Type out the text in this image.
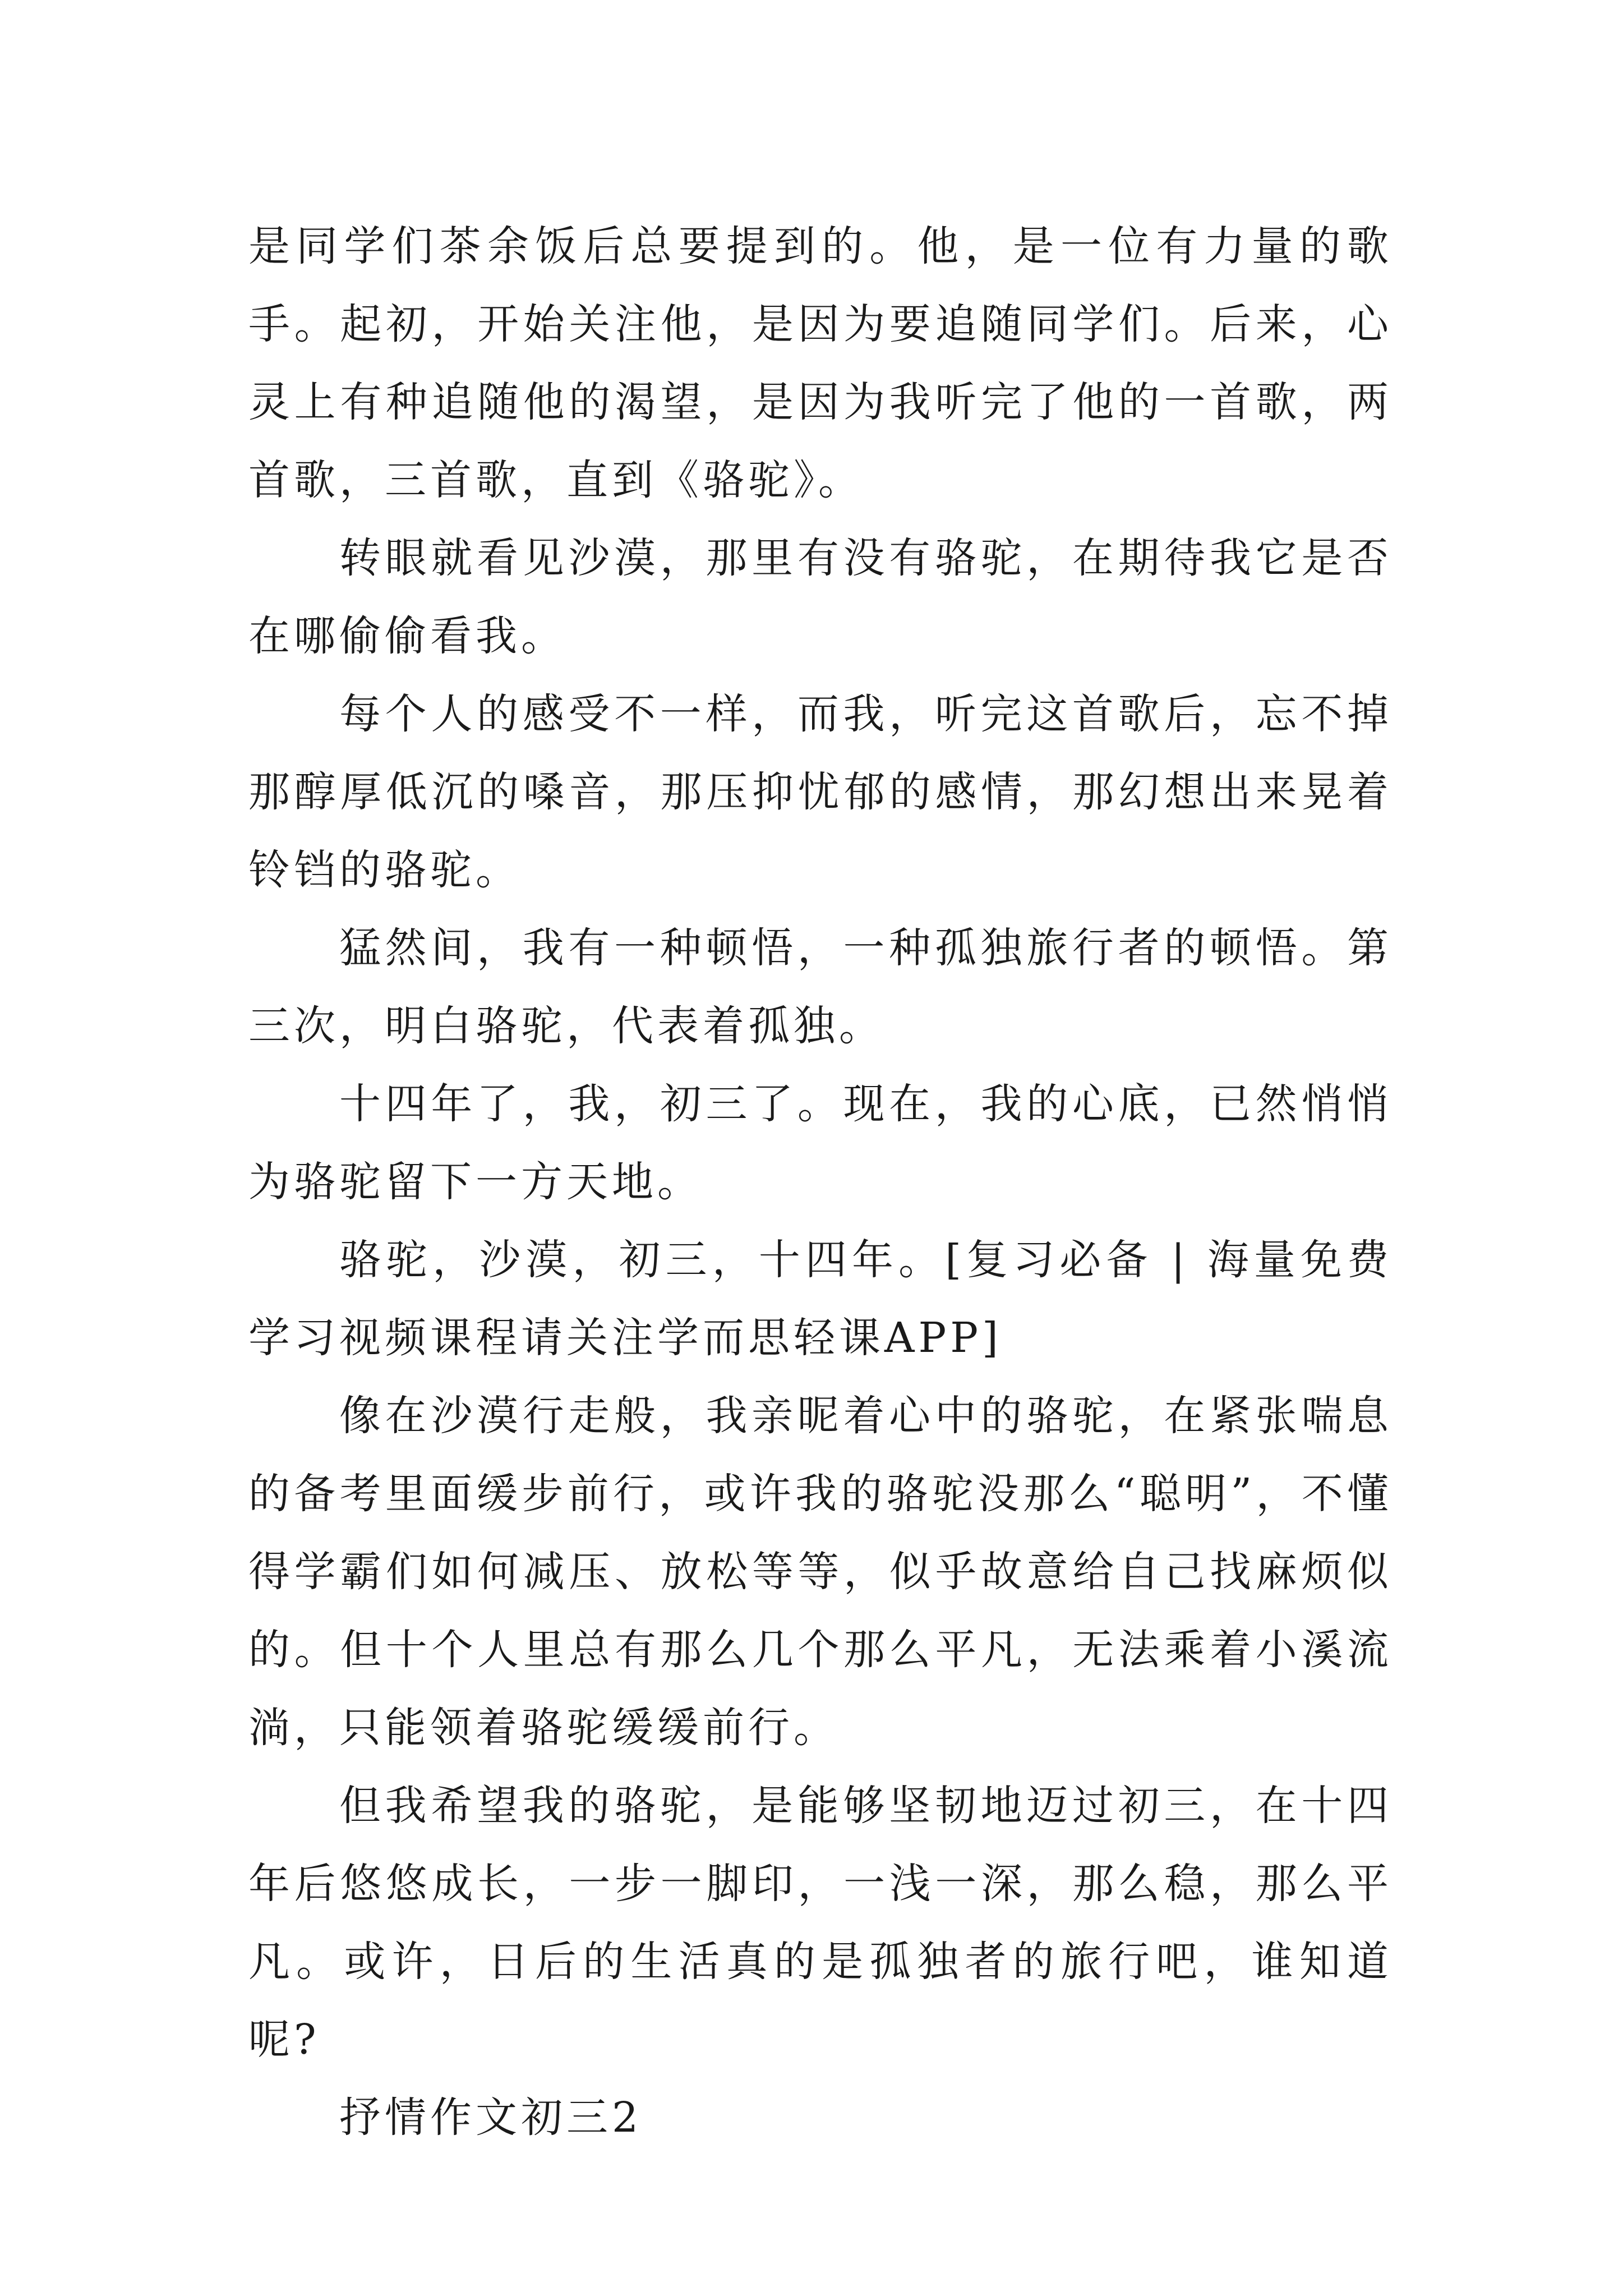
是同学们茶余饭后总要提到的。他，是一位有力量的歌手。起初，开始关注他，是因为要追随同学们。后来，心灵上有种追随他的渴望，是因为我听完了他的一首歌，两首歌，三首歌，直到《骆驼》。

转眼就看见沙漠，那里有没有骆驼，在期待我它是否在哪偷偷看我。

每个人的感受不一样，而我，听完这首歌后，忘不掉那醇厚低沉的嗓音，那压抑忧郁的感情，那幻想出来晃着铃铛的骆驼。

猛然间，我有一种顿悟，一种孤独旅行者的顿悟。第三次，明白骆驼，代表着孤独。

十四年了，我，初三了。现在，我的心底，已然悄悄为骆驼留下一方天地。

骆驼，沙漠，初三，十四年。[复习必备 | 海量免费学习视频课程请关注学而思轻课APP]

像在沙漠行走般，我亲昵着心中的骆驼，在紧张喘息的备考里面缓步前行，或许我的骆驼没那么“聪明”，不懂得学霸们如何减压、放松等等，似乎故意给自己找麻烦似的。但十个人里总有那么几个那么平凡，无法乘着小溪流淌，只能领着骆驼缓缓前行。

但我希望我的骆驼，是能够坚韧地迈过初三，在十四年后悠悠成长，一步一脚印，一浅一深，那么稳，那么平凡。或许，日后的生活真的是孤独者的旅行吧，谁知道呢?

抒情作文初三2
